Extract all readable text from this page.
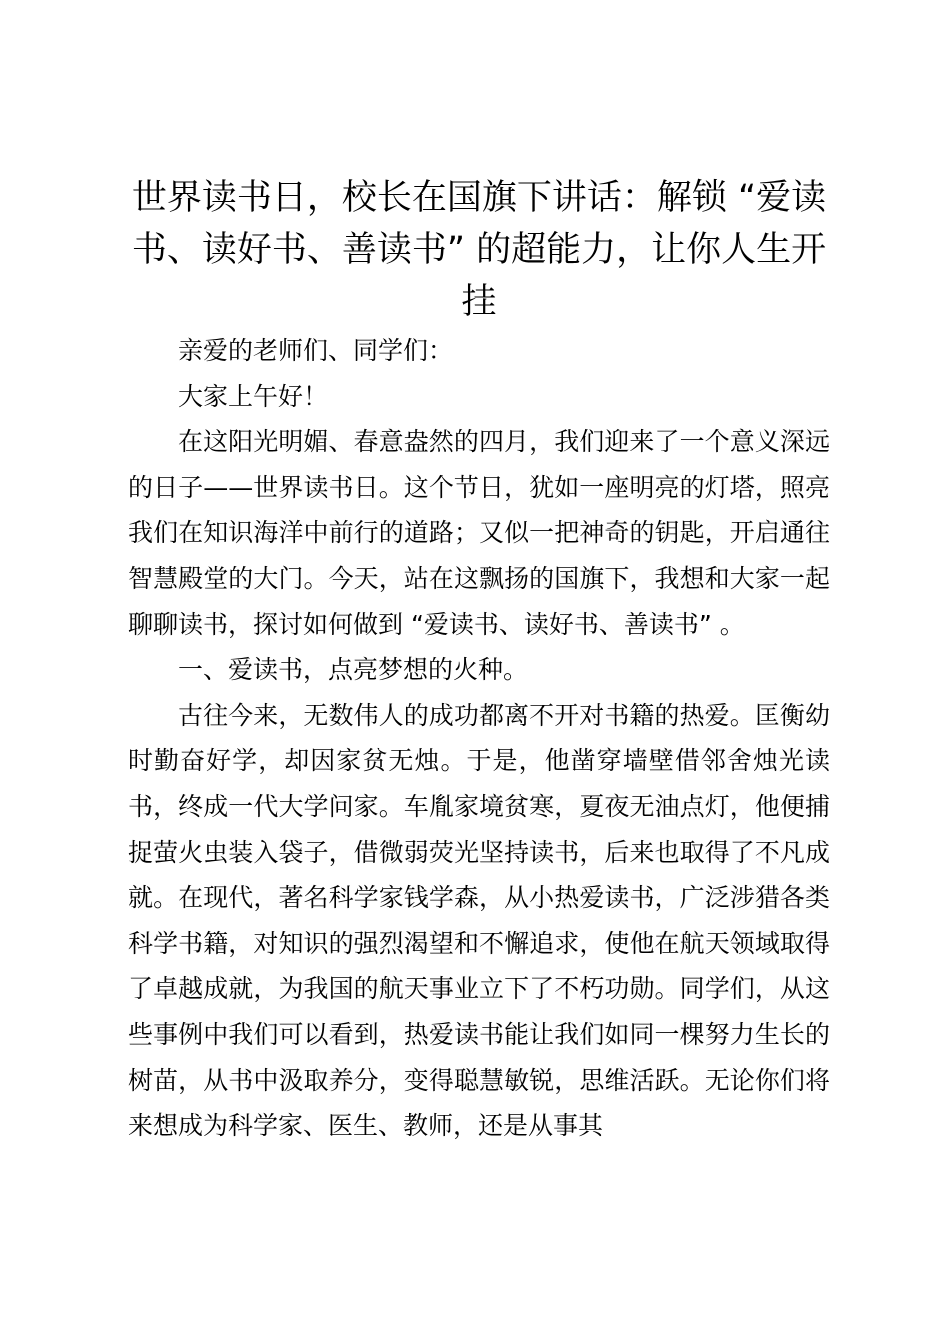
世界读书日，校长在国旗下讲话：解锁 “爱读书、读好书、善读书” 的超能力，让你人生开挂

亲爱的老师们、同学们：

大家上午好！

在这阳光明媚、春意盎然的四月，我们迎来了一个意义深远的日子——世界读书日。这个节日，犹如一座明亮的灯塔，照亮我们在知识海洋中前行的道路；又似一把神奇的钥匙，开启通往智慧殿堂的大门。今天，站在这飘扬的国旗下，我想和大家一起聊聊读书，探讨如何做到 “爱读书、读好书、善读书” 。

一、爱读书，点亮梦想的火种。

古往今来，无数伟人的成功都离不开对书籍的热爱。匡衡幼时勤奋好学，却因家贫无烛。于是，他凿穿墙壁借邻舍烛光读书，终成一代大学问家。车胤家境贫寒，夏夜无油点灯，他便捕捉萤火虫装入袋子，借微弱荧光坚持读书，后来也取得了不凡成就。在现代，著名科学家钱学森，从小热爱读书，广泛涉猎各类科学书籍，对知识的强烈渴望和不懈追求，使他在航天领域取得了卓越成就，为我国的航天事业立下了不朽功勋。同学们，从这些事例中我们可以看到，热爱读书能让我们如同一棵努力生长的树苗，从书中汲取养分，变得聪慧敏锐，思维活跃。无论你们将来想成为科学家、医生、教师，还是从事其
